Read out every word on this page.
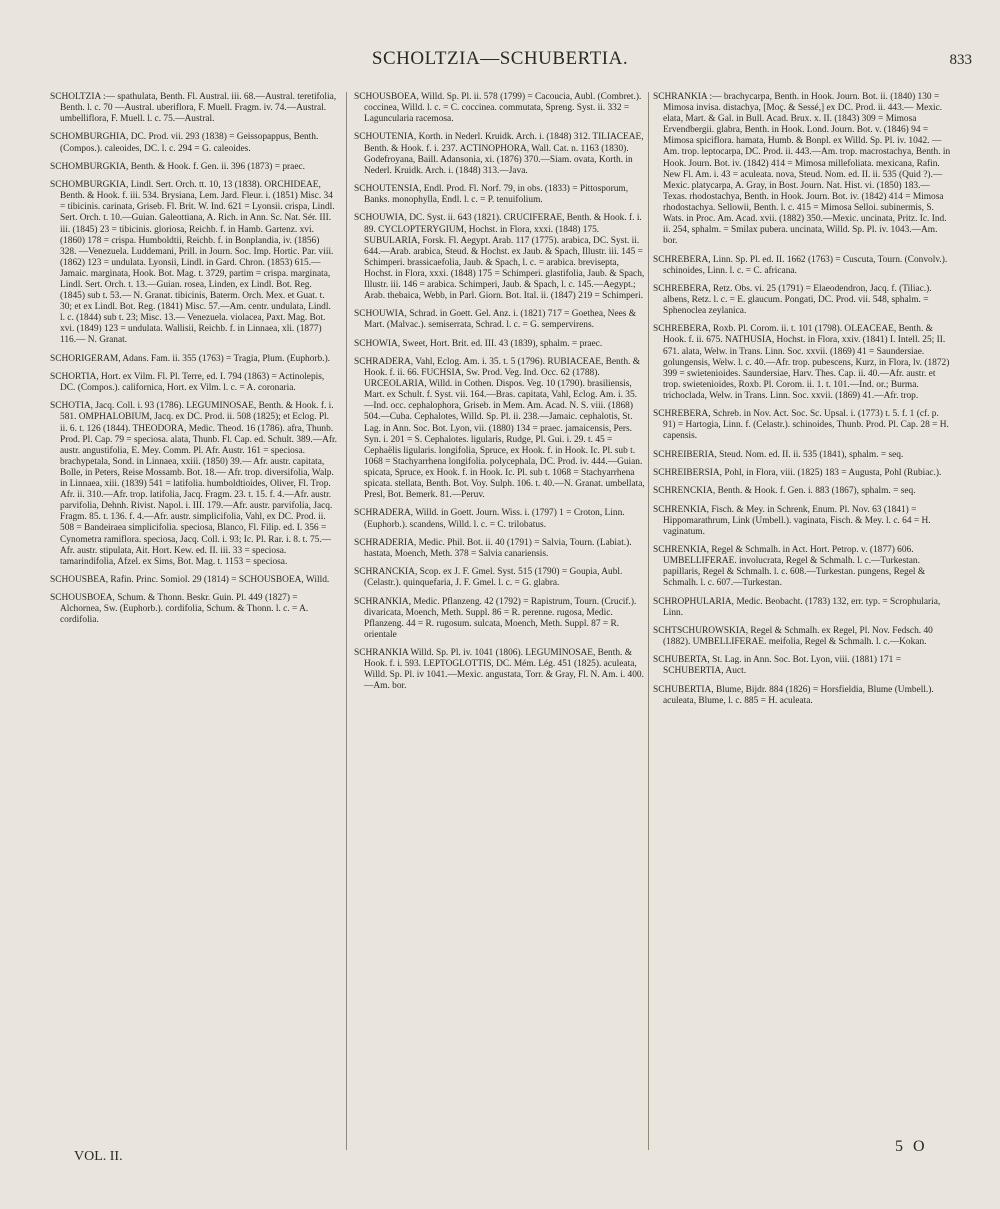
SCHOLTZIA—SCHUBERTIA.	833

SCHOLTZIA :— spathulata, Benth. Fl. Austral. iii. 68.—Austral. teretifolia, Benth. l. c. 70 —Austral. uberiflora, F. Muell. Fragm. iv. 74.—Austral. umbelliflora, F. Muell. l. c. 75.—Austral.

SCHOMBURGHIA, DC. Prod. vii. 293 (1838) = Geissopappus, Benth. (Compos.). caleoides, DC. l. c. 294 = G. caleoides.

SCHOMBURGKIA, Benth. & Hook. f. Gen. ii. 396 (1873) = praec.

SCHOMBURGKIA, Lindl. Sert. Orch. tt. 10, 13 (1838). ORCHIDEAE, Benth. & Hook. f. iii. 534. Brysiana, Lem. Jard. Fleur. i. (1851) Misc. 34 = tibicinis. carinata, Griseb. Fl. Brit. W. Ind. 621 = Lyonsii. crispa, Lindl. Sert. Orch. t. 10.—Guian. Galeottiana, A. Rich. in Ann. Sc. Nat. Sér. III. iii. (1845) 23 = tibicinis. gloriosa, Reichb. f. in Hamb. Gartenz. xvi. (1860) 178 = crispa. Humboldtii, Reichb. f. in Bonplandia, iv. (1856) 328. —Venezuela. Luddemani, Prill. in Journ. Soc. Imp. Hortic. Par. viii. (1862) 123 = undulata. Lyonsii, Lindl. in Gard. Chron. (1853) 615.— Jamaic. marginata, Hook. Bot. Mag. t. 3729, partim = crispa. marginata, Lindl. Sert. Orch. t. 13.—Guian. rosea, Linden, ex Lindl. Bot. Reg. (1845) sub t. 53.— N. Granat. tibicinis, Baterm. Orch. Mex. et Guat. t. 30; et ex Lindl. Bot. Reg. (1841) Misc. 57.—Am. centr. undulata, Lindl. l. c. (1844) sub t. 23; Misc. 13.— Venezuela. violacea, Paxt. Mag. Bot. xvi. (1849) 123 = undulata. Wallisii, Reichb. f. in Linnaea, xli. (1877) 116.— N. Granat.

SCHORIGERAM, Adans. Fam. ii. 355 (1763) = Tragia, Plum. (Euphorb.).

SCHORTIA, Hort. ex Vilm. Fl. Pl. Terre, ed. I. 794 (1863) = Actinolepis, DC. (Compos.). californica, Hort. ex Vilm. l. c. = A. coronaria.

SCHOTIA, Jacq. Coll. i. 93 (1786). LEGUMINOSAE, Benth. & Hook. f. i. 581. OMPHALOBIUM, Jacq. ex DC. Prod. ii. 508 (1825); et Eclog. Pl. ii. 6. t. 126 (1844). THEODORA, Medic. Theod. 16 (1786). afra, Thunb. Prod. Pl. Cap. 79 = speciosa. alata, Thunb. Fl. Cap. ed. Schult. 389.—Afr. austr. angustifolia, E. Mey. Comm. Pl. Afr. Austr. 161 = speciosa. brachypetala, Sond. in Linnaea, xxiii. (1850) 39.— Afr. austr. capitata, Bolle, in Peters, Reise Mossamb. Bot. 18.— Afr. trop. diversifolia, Walp. in Linnaea, xiii. (1839) 541 = latifolia. humboldtioides, Oliver, Fl. Trop. Afr. ii. 310.—Afr. trop. latifolia, Jacq. Fragm. 23. t. 15. f. 4.—Afr. austr. parvifolia, Dehnh. Rivist. Napol. i. III. 179.—Afr. austr. parvifolia, Jacq. Fragm. 85. t. 136. f. 4.—Afr. austr. simplicifolia, Vahl, ex DC. Prod. ii. 508 = Bandeiraea simplicifolia. speciosa, Blanco, Fl. Filip. ed. I. 356 = Cynometra ramiflora. speciosa, Jacq. Coll. i. 93; Ic. Pl. Rar. i. 8. t. 75.— Afr. austr. stipulata, Ait. Hort. Kew. ed. II. iii. 33 = speciosa. tamarindifolia, Afzel. ex Sims, Bot. Mag. t. 1153 = speciosa.

SCHOUSBEA, Rafin. Princ. Somiol. 29 (1814) = SCHOUSBOEA, Willd.

SCHOUSBOEA, Schum. & Thonn. Beskr. Guin. Pl. 449 (1827) = Alchornea, Sw. (Euphorb.). cordifolia, Schum. & Thonn. l. c. = A. cordifolia.

SCHOUSBOEA, Willd. Sp. Pl. ii. 578 (1799) = Cacoucia, Aubl. (Combret.). coccinea, Willd. l. c. = C. coccinea. commutata, Spreng. Syst. ii. 332 = Laguncularia racemosa.

SCHOUTENIA, Korth. in Nederl. Kruidk. Arch. i. (1848) 312. TILIACEAE, Benth. & Hook. f. i. 237. ACTINOPHORA, Wall. Cat. n. 1163 (1830). Godefroyana, Baill. Adansonia, xi. (1876) 370.—Siam. ovata, Korth. in Nederl. Kruidk. Arch. i. (1848) 313.—Java.

SCHOUTENSIA, Endl. Prod. Fl. Norf. 79, in obs. (1833) = Pittosporum, Banks. monophylla, Endl. l. c. = P. tenuifolium.

SCHOUWIA, DC. Syst. ii. 643 (1821). CRUCIFERAE, Benth. & Hook. f. i. 89. CYCLOPTERYGIUM, Hochst. in Flora, xxxi. (1848) 175. SUBULARIA, Forsk. Fl. Aegypt. Arab. 117 (1775). arabica, DC. Syst. ii. 644.—Arab. arabica, Steud. & Hochst. ex Jaub. & Spach, Illustr. iii. 145 = Schimperi. brassicaefolia, Jaub. & Spach, l. c. = arabica. brevisepta, Hochst. in Flora, xxxi. (1848) 175 = Schimperi. glastifolia, Jaub. & Spach, Illustr. iii. 146 = arabica. Schimperi, Jaub. & Spach, l. c. 145.—Aegypt.; Arab. thebaica, Webb, in Parl. Giorn. Bot. Ital. ii. (1847) 219 = Schimperi.

SCHOUWIA, Schrad. in Goett. Gel. Anz. i. (1821) 717 = Goethea, Nees & Mart. (Malvac.). semiserrata, Schrad. l. c. = G. sempervirens.

SCHOWIA, Sweet, Hort. Brit. ed. III. 43 (1839), sphalm. = praec.

SCHRADERA, Vahl, Eclog. Am. i. 35. t. 5 (1796). RUBIACEAE, Benth. & Hook. f. ii. 66. FUCHSIA, Sw. Prod. Veg. Ind. Occ. 62 (1788). URCEOLARIA, Willd. in Cothen. Dispos. Veg. 10 (1790). brasiliensis, Mart. ex Schult. f. Syst. vii. 164.—Bras. capitata, Vahl, Eclog. Am. i. 35.—Ind. occ. cephalophora, Griseb. in Mem. Am. Acad. N. S. viii. (1868) 504.—Cuba. Cephalotes, Willd. Sp. Pl. ii. 238.—Jamaic. cephalotis, St. Lag. in Ann. Soc. Bot. Lyon, vii. (1880) 134 = praec. jamaicensis, Pers. Syn. i. 201 = S. Cephalotes. ligularis, Rudge, Pl. Gui. i. 29. t. 45 = Cephaëlis ligularis. longifolia, Spruce, ex Hook. f. in Hook. Ic. Pl. sub t. 1068 = Stachyarrhena longifolia. polycephala, DC. Prod. iv. 444.—Guian. spicata, Spruce, ex Hook. f. in Hook. Ic. Pl. sub t. 1068 = Stachyarrhena spicata. stellata, Benth. Bot. Voy. Sulph. 106. t. 40.—N. Granat. umbellata, Presl, Bot. Bemerk. 81.—Peruv.

SCHRADERA, Willd. in Goett. Journ. Wiss. i. (1797) 1 = Croton, Linn. (Euphorb.). scandens, Willd. l. c. = C. trilobatus.

SCHRADERIA, Medic. Phil. Bot. ii. 40 (1791) = Salvia, Tourn. (Labiat.). hastata, Moench, Meth. 378 = Salvia canariensis.

SCHRANCKIA, Scop. ex J. F. Gmel. Syst. 515 (1790) = Goupia, Aubl. (Celastr.). quinquefaria, J. F. Gmel. l. c. = G. glabra.

SCHRANKIA, Medic. Pflanzeng. 42 (1792) = Rapistrum, Tourn. (Crucif.). divaricata, Moench, Meth. Suppl. 86 = R. perenne. rugosa, Medic. Pflanzeng. 44 = R. rugosum. sulcata, Moench, Meth. Suppl. 87 = R. orientale

SCHRANKIA Willd. Sp. Pl. iv. 1041 (1806). LEGUMINOSAE, Benth. & Hook. f. i. 593. LEPTOGLOTTIS, DC. Mém. Lég. 451 (1825). aculeata, Willd. Sp. Pl. iv 1041.—Mexic. angustata, Torr. & Gray, Fl. N. Am. i. 400.—Am. bor.

SCHRANKIA :— brachycarpa, Benth. in Hook. Journ. Bot. ii. (1840) 130 = Mimosa invisa. distachya, [Moç. & Sessé,] ex DC. Prod. ii. 443.— Mexic. elata, Mart. & Gal. in Bull. Acad. Brux. x. II. (1843) 309 = Mimosa Ervendbergii. glabra, Benth. in Hook. Lond. Journ. Bot. v. (1846) 94 = Mimosa spiciflora. hamata, Humb. & Bonpl. ex Willd. Sp. Pl. iv. 1042. —Am. trop. leptocarpa, DC. Prod. ii. 443.—Am. trop. macrostachya, Benth. in Hook. Journ. Bot. iv. (1842) 414 = Mimosa millefoliata. mexicana, Rafin. New Fl. Am. i. 43 = aculeata. nova, Steud. Nom. ed. II. ii. 535 (Quid ?).—Mexic. platycarpa, A. Gray, in Bost. Journ. Nat. Hist. vi. (1850) 183.—Texas. rhodostachya, Benth. in Hook. Journ. Bot. iv. (1842) 414 = Mimosa rhodostachya. Sellowii, Benth. l. c. 415 = Mimosa Selloi. subinermis, S. Wats. in Proc. Am. Acad. xvii. (1882) 350.—Mexic. uncinata, Pritz. Ic. Ind. ii. 254, sphalm. = Smilax pubera. uncinata, Willd. Sp. Pl. iv. 1043.—Am. bor.

SCHREBERA, Linn. Sp. Pl. ed. II. 1662 (1763) = Cuscuta, Tourn. (Convolv.). schinoides, Linn. l. c. = C. africana.

SCHREBERA, Retz. Obs. vi. 25 (1791) = Elaeodendron, Jacq. f. (Tiliac.). albens, Retz. l. c. = E. glaucum. Pongati, DC. Prod. vii. 548, sphalm. = Sphenoclea zeylanica.

SCHREBERA, Roxb. Pl. Corom. ii. t. 101 (1798). OLEACEAE, Benth. & Hook. f. ii. 675. NATHUSIA, Hochst. in Flora, xxiv. (1841) I. Intell. 25; II. 671. alata, Welw. in Trans. Linn. Soc. xxvii. (1869) 41 = Saundersiae. golungensis, Welw. l. c. 40.—Afr. trop. pubescens, Kurz, in Flora, lv. (1872) 399 = swietenioides. Saundersiae, Harv. Thes. Cap. ii. 40.—Afr. austr. et trop. swietenioides, Roxb. Pl. Corom. ii. 1. t. 101.—Ind. or.; Burma. trichoclada, Welw. in Trans. Linn. Soc. xxvii. (1869) 41.—Afr. trop.

SCHREBERA, Schreb. in Nov. Act. Soc. Sc. Upsal. i. (1773) t. 5. f. 1 (cf. p. 91) = Hartogia, Linn. f. (Celastr.). schinoides, Thunb. Prod. Pl. Cap. 28 = H. capensis.

SCHREIBERIA, Steud. Nom. ed. II. ii. 535 (1841), sphalm. = seq.

SCHREIBERSIA, Pohl, in Flora, viii. (1825) 183 = Augusta, Pohl (Rubiac.).

SCHRENCKIA, Benth. & Hook. f. Gen. i. 883 (1867), sphalm. = seq.

SCHRENKIA, Fisch. & Mey. in Schrenk, Enum. Pl. Nov. 63 (1841) = Hippomarathrum, Link (Umbell.). vaginata, Fisch. & Mey. l. c. 64 = H. vaginatum.

SCHRENKIA, Regel & Schmalh. in Act. Hort. Petrop. v. (1877) 606. UMBELLIFERAE. involucrata, Regel & Schmalh. l. c.—Turkestan. papillaris, Regel & Schmalh. l. c. 608.—Turkestan. pungens, Regel & Schmalh. l. c. 607.—Turkestan.

SCHROPHULARIA, Medic. Beobacht. (1783) 132, err. typ. = Scrophularia, Linn.

SCHTSCHUROWSKIA, Regel & Schmalh. ex Regel, Pl. Nov. Fedsch. 40 (1882). UMBELLIFERAE. meifolia, Regel & Schmalh. l. c.—Kokan.

SCHUBERTA, St. Lag. in Ann. Soc. Bot. Lyon, viii. (1881) 171 = SCHUBERTIA, Auct.

SCHUBERTIA, Blume, Bijdr. 884 (1826) = Horsfieldia, Blume (Umbell.). aculeata, Blume, l. c. 885 = H. aculeata.

VOL. II.
5 O
